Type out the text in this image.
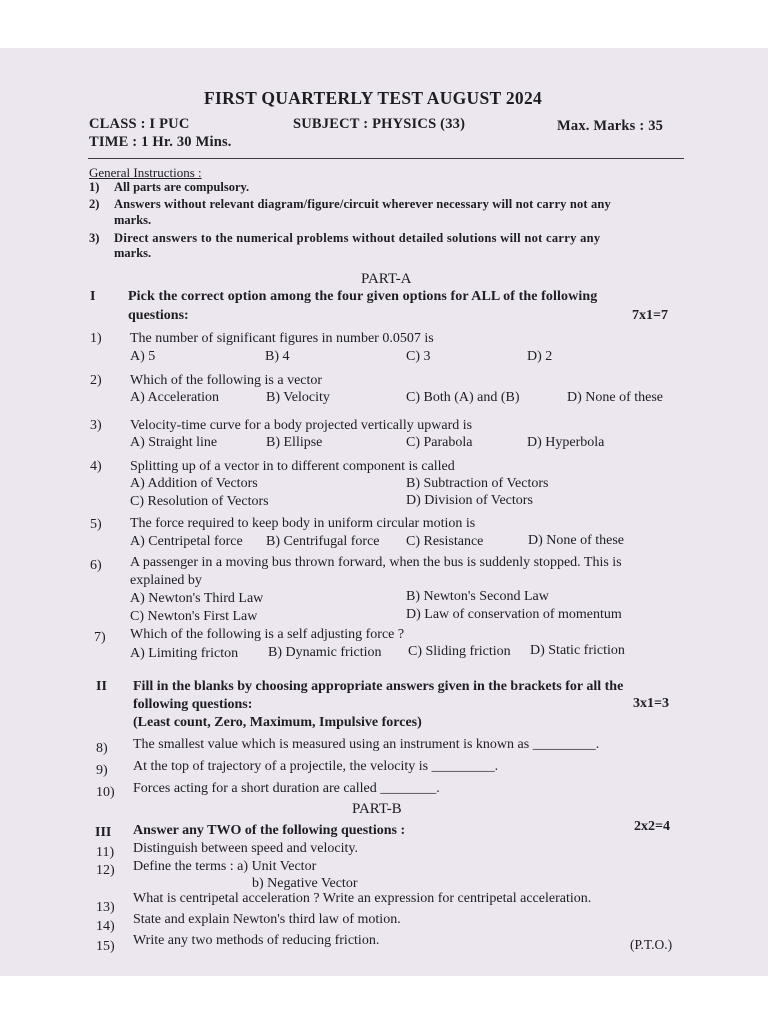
FIRST QUARTERLY TEST AUGUST 2024
CLASS : I PUC	SUBJECT : PHYSICS (33)	Max. Marks : 35
TIME : 1 Hr. 30 Mins.
General Instructions :
1) All parts are compulsory.
2) Answers without relevant diagram/figure/circuit wherever necessary will not carry not any
marks.
3) Direct answers to the numerical problems without detailed solutions will not carry any
marks.
PART-A
I Pick the correct option among the four given options for ALL of the following
questions:	7x1=7
1) The number of significant figures in number 0.0507 is
A) 5	B) 4	C) 3	D) 2
2) Which of the following is a vector
A) Acceleration	B) Velocity	C) Both (A) and (B)	D) None of these
3) Velocity-time curve for a body projected vertically upward is
A) Straight line	B) Ellipse	C) Parabola	D) Hyperbola
4) Splitting up of a vector in to different component is called
A) Addition of Vectors	B) Subtraction of Vectors
C) Resolution of Vectors	D) Division of Vectors
5) The force required to keep body in uniform circular motion is
A) Centripetal force B) Centrifugal force C) Resistance	D) None of these
6) A passenger in a moving bus thrown forward, when the bus is suddenly stopped. This is
explained by
A) Newton's Third Law	B) Newton's Second Law
C) Newton's First Law	D) Law of conservation of momentum
7) Which of the following is a self adjusting force ?
A) Limiting fricton B) Dynamic friction C) Sliding friction D) Static friction
II Fill in the blanks by choosing appropriate answers given in the brackets for all the
following questions:	3x1=3
(Least count, Zero, Maximum, Impulsive forces)
8) The smallest value which is measured using an instrument is known as _________.
9) At the top of trajectory of a projectile, the velocity is _________.
10) Forces acting for a short duration are called ________.
PART-B
III Answer any TWO of the following questions :	2x2=4
11) Distinguish between speed and velocity.
12) Define the terms : a) Unit Vector
b) Negative Vector
13)
What is centripetal acceleration ? Write an expression for centripetal acceleration.
14) State and explain Newton's third law of motion.
15) Write any two methods of reducing friction.	(P.T.O.)
